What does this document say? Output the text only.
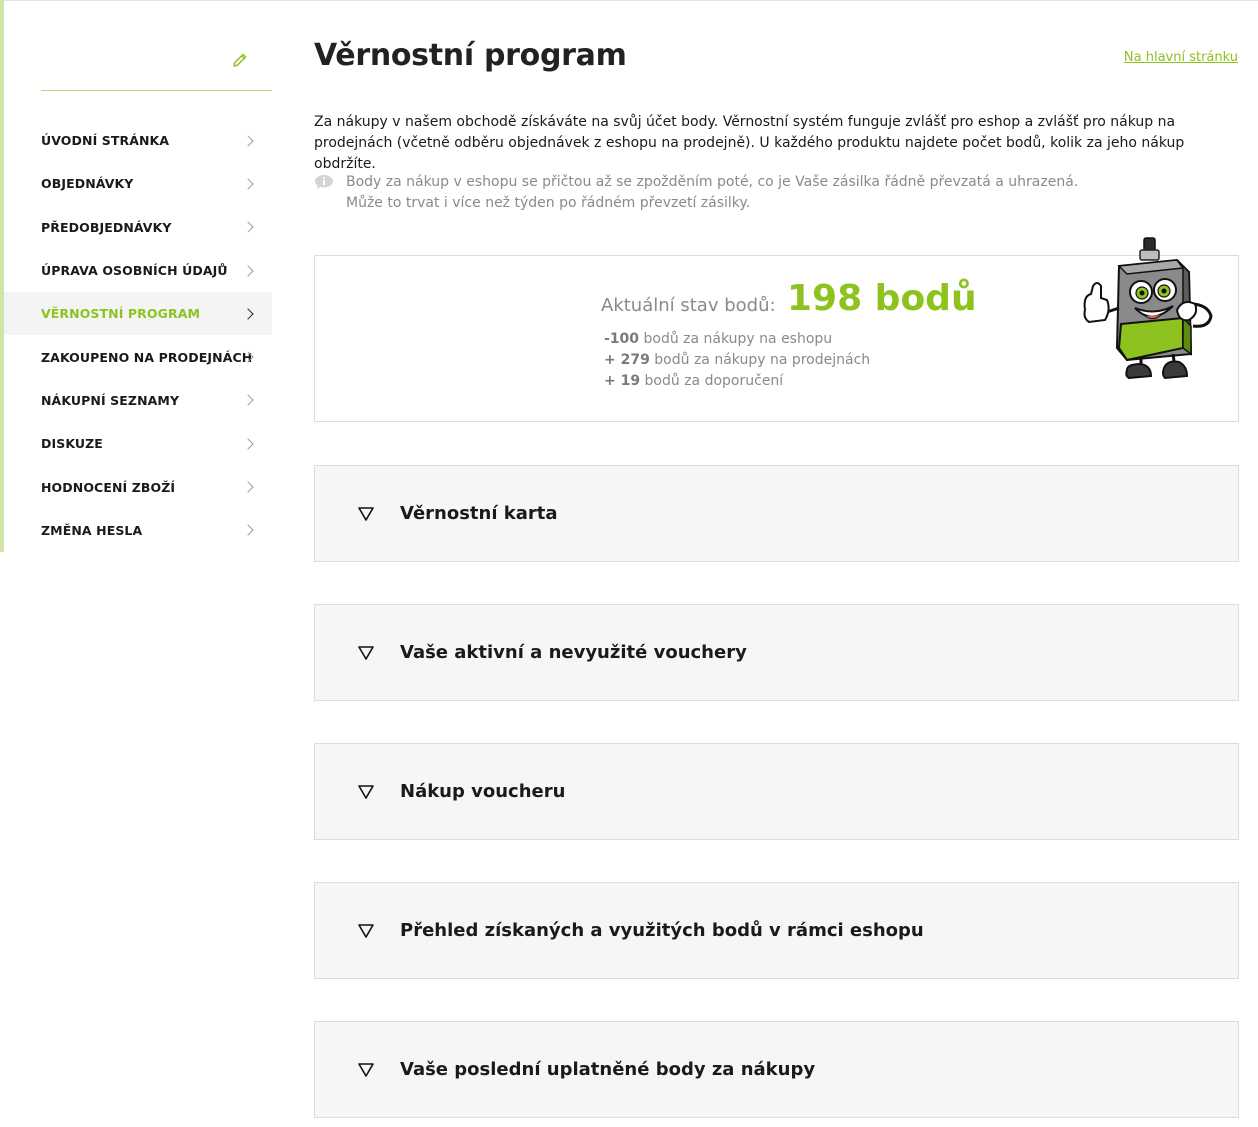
ÚVODNÍ STRÁNKA
OBJEDNÁVKY
PŘEDOBJEDNÁVKY
ÚPRAVA OSOBNÍCH ÚDAJŮ
VĚRNOSTNÍ PROGRAM
ZAKOUPENO NA PRODEJNÁCH
NÁKUPNÍ SEZNAMY
DISKUZE
HODNOCENÍ ZBOŽÍ
ZMĚNA HESLA
Věrnostní program	Na hlavní stránku

Za nákupy v našem obchodě získáváte na svůj účet body. Věrnostní systém funguje zvlášť pro eshop a zvlášť pro nákup na prodejnách (včetně odběru objednávek z eshopu na prodejně). U každého produktu najdete počet bodů, kolik za jeho nákup obdržíte.

Body za nákup v eshopu se přičtou až se zpožděním poté, co je Vaše zásilka řádně převzatá a uhrazená.
Může to trvat i více než týden po řádném převzetí zásilky.
Aktuální stav bodů: 198 bodů
-100 bodů za nákupy na eshopu
+ 279 bodů za nákupy na prodejnách
+ 19 bodů za doporučení
Věrnostní karta
Vaše aktivní a nevyužité vouchery
Nákup voucheru
Přehled získaných a využitých bodů v rámci eshopu
Vaše poslední uplatněné body za nákupy
